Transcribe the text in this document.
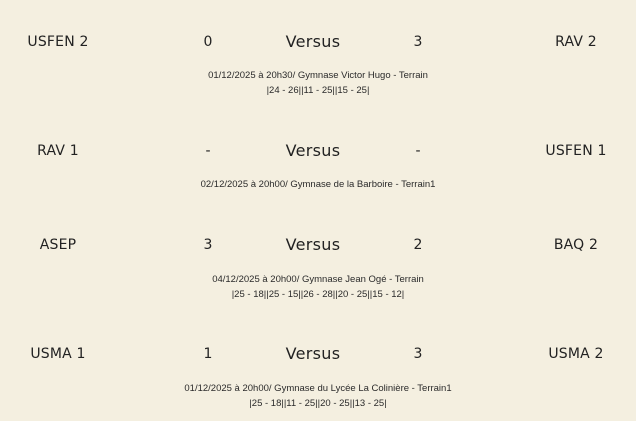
USFEN 2	0	Versus	3	RAV 2
01/12/2025 à 20h30/ Gymnase Victor Hugo - Terrain
|24 - 26||11 - 25||15 - 25|
RAV 1	-	Versus	-	USFEN 1
02/12/2025 à 20h00/ Gymnase de la Barboire - Terrain1
ASEP	3	Versus	2	BAQ 2
04/12/2025 à 20h00/ Gymnase Jean Ogé - Terrain
|25 - 18||25 - 15||26 - 28||20 - 25||15 - 12|
USMA 1	1	Versus	3	USMA 2
01/12/2025 à 20h00/ Gymnase du Lycée La Colinière - Terrain1
|25 - 18||11 - 25||20 - 25||13 - 25|
